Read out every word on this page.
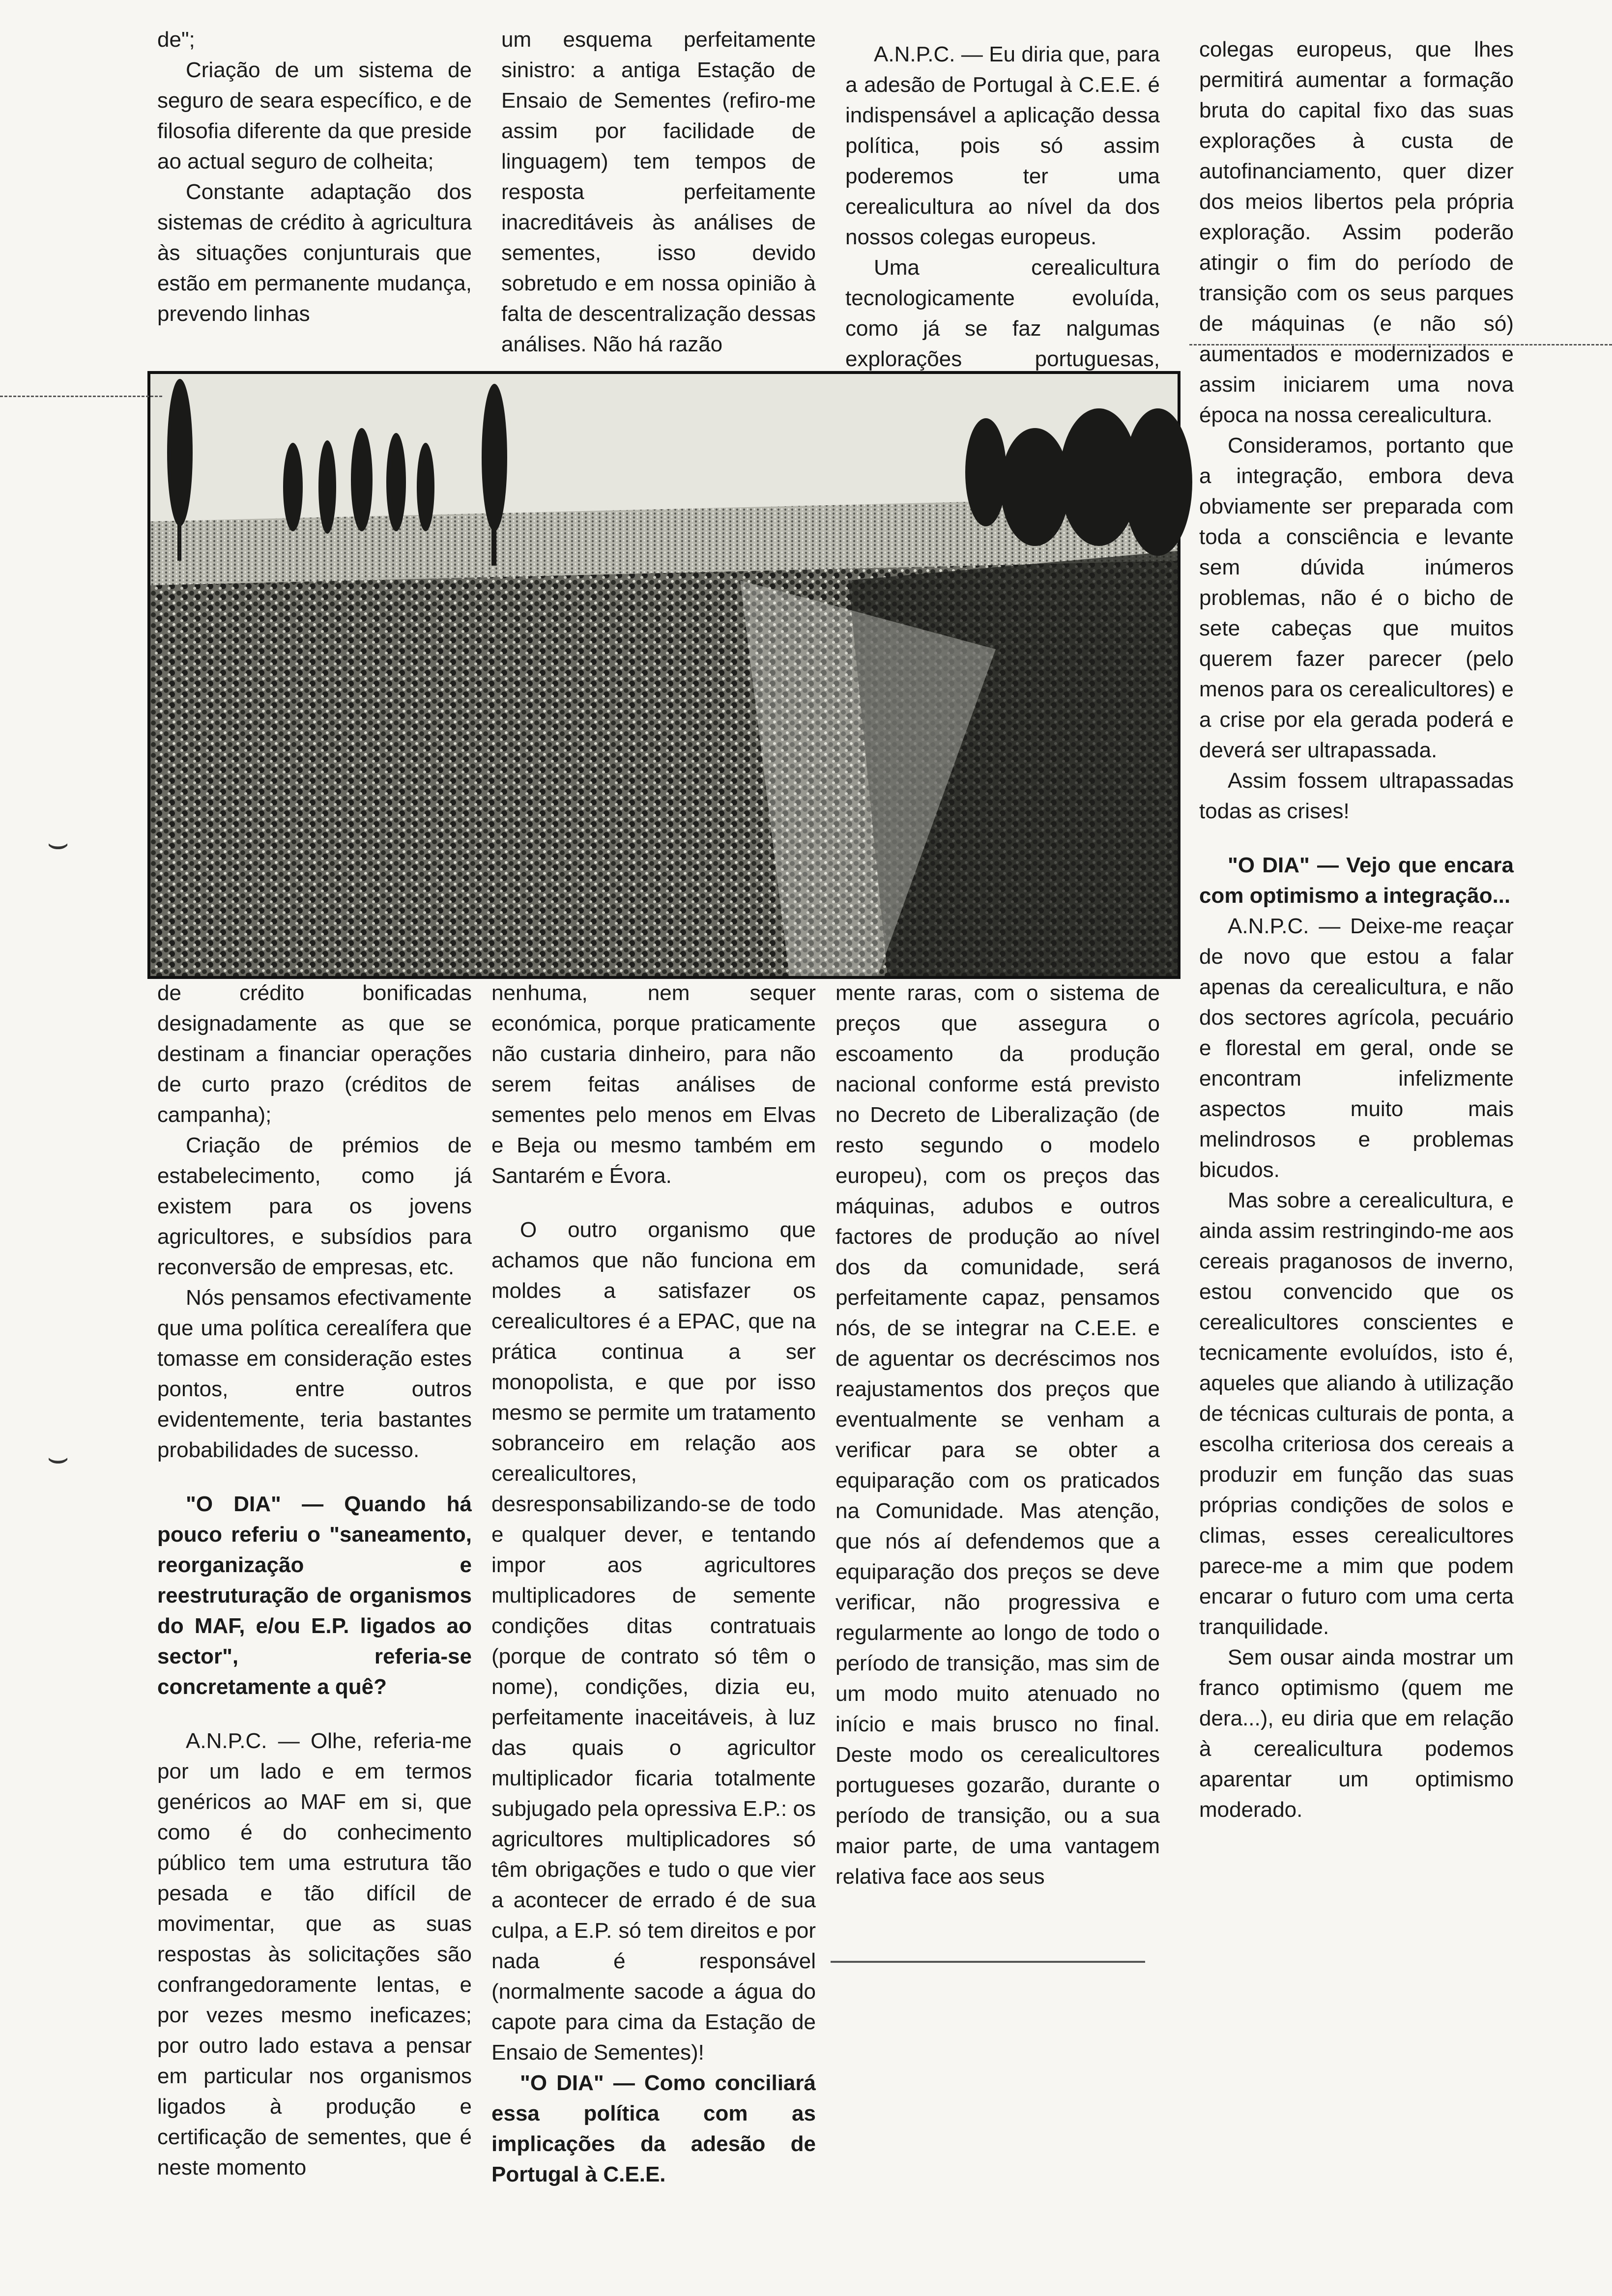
de";

Criação de um sistema de seguro de seara específico, e de filosofia diferente da que preside ao actual seguro de colheita;

Constante adaptação dos sistemas de crédito à agricultura às situações conjunturais que estão em permanente mudança, prevendo linhas

um esquema perfeitamente sinistro: a antiga Estação de Ensaio de Sementes (refiro-me assim por facilidade de linguagem) tem tempos de resposta perfeitamente inacreditáveis às análises de sementes, isso devido sobretudo e em nossa opinião à falta de descentralização dessas análises. Não há razão

A.N.P.C. — Eu diria que, para a adesão de Portugal à C.E.E. é indispensável a aplicação dessa política, pois só assim poderemos ter uma cerealicultura ao nível da dos nossos colegas europeus.

Uma cerealicultura tecnologicamente evoluída, como já se faz nalgumas explorações portuguesas,

colegas europeus, que lhes permitirá aumentar a formação bruta do capital fixo das suas explorações à custa de autofinanciamento, quer dizer dos meios libertos pela própria exploração. Assim poderão atingir o fim do período de transição com os seus parques de máquinas (e não só) aumentados e modernizados e assim iniciarem uma nova época na nossa cerealicultura.

Consideramos, portanto que a integração, embora deva obviamente ser preparada com toda a consciência e levante sem dúvida inúmeros problemas, não é o bicho de sete cabeças que muitos querem fazer parecer (pelo menos para os cerealicultores) e a crise por ela gerada poderá e deverá ser ultrapassada.

Assim fossem ultrapassadas todas as crises!

"O DIA" — Vejo que encara com optimismo a integração...

A.N.P.C. — Deixe-me reaçar de novo que estou a falar apenas da cerealicultura, e não dos sectores agrícola, pecuário e florestal em geral, onde se encontram infelizmente aspectos muito mais melindrosos e problemas bicudos.

Mas sobre a cerealicultura, e ainda assim restringindo-me aos cereais praganosos de inverno, estou convencido que os cerealicultores conscientes e tecnicamente evoluídos, isto é, aqueles que aliando à utilização de técnicas culturais de ponta, a escolha criteriosa dos cereais a produzir em função das suas próprias condições de solos e climas, esses cerealicultores parece-me a mim que podem encarar o futuro com uma certa tranquilidade.

Sem ousar ainda mostrar um franco optimismo (quem me dera...), eu diria que em relação à cerealicultura podemos aparentar um optimismo moderado.

de crédito bonificadas designadamente as que se destinam a financiar operações de curto prazo (créditos de campanha);

Criação de prémios de estabelecimento, como já existem para os jovens agricultores, e subsídios para reconversão de empresas, etc.

Nós pensamos efectivamente que uma política cerealífera que tomasse em consideração estes pontos, entre outros evidentemente, teria bastantes probabilidades de sucesso.

"O DIA" — Quando há pouco referiu o "saneamento, reorganização e reestruturação de organismos do MAF, e/ou E.P. ligados ao sector", referia-se concretamente a quê?

A.N.P.C. — Olhe, referia-me por um lado e em termos genéricos ao MAF em si, que como é do conhecimento público tem uma estrutura tão pesada e tão difícil de movimentar, que as suas respostas às solicitações são confrangedoramente lentas, e por vezes mesmo ineficazes; por outro lado estava a pensar em particular nos organismos ligados à produção e certificação de sementes, que é neste momento

nenhuma, nem sequer económica, porque praticamente não custaria dinheiro, para não serem feitas análises de sementes pelo menos em Elvas e Beja ou mesmo também em Santarém e Évora.

O outro organismo que achamos que não funciona em moldes a satisfazer os cerealicultores é a EPAC, que na prática continua a ser monopolista, e que por isso mesmo se permite um tratamento sobranceiro em relação aos cerealicultores, desresponsabilizando-se de todo e qualquer dever, e tentando impor aos agricultores multiplicadores de semente condições ditas contratuais (porque de contrato só têm o nome), condições, dizia eu, perfeitamente inaceitáveis, à luz das quais o agricultor multiplicador ficaria totalmente subjugado pela opressiva E.P.: os agricultores multiplicadores só têm obrigações e tudo o que vier a acontecer de errado é de sua culpa, a E.P. só tem direitos e por nada é responsável (normalmente sacode a água do capote para cima da Estação de Ensaio de Sementes)!

"O DIA" — Como conciliará essa política com as implicações da adesão de Portugal à C.E.E.

mente raras, com o sistema de preços que assegura o escoamento da produção nacional conforme está previsto no Decreto de Liberalização (de resto segundo o modelo europeu), com os preços das máquinas, adubos e outros factores de produção ao nível dos da comunidade, será perfeitamente capaz, pensamos nós, de se integrar na C.E.E. e de aguentar os decréscimos nos reajustamentos dos preços que eventualmente se venham a verificar para se obter a equiparação com os praticados na Comunidade. Mas atenção, que nós aí defendemos que a equiparação dos preços se deve verificar, não progressiva e regularmente ao longo de todo o período de transição, mas sim de um modo muito atenuado no início e mais brusco no final. Deste modo os cerealicultores portugueses gozarão, durante o período de transição, ou a sua maior parte, de uma vantagem relativa face aos seus

⌣
⌣
